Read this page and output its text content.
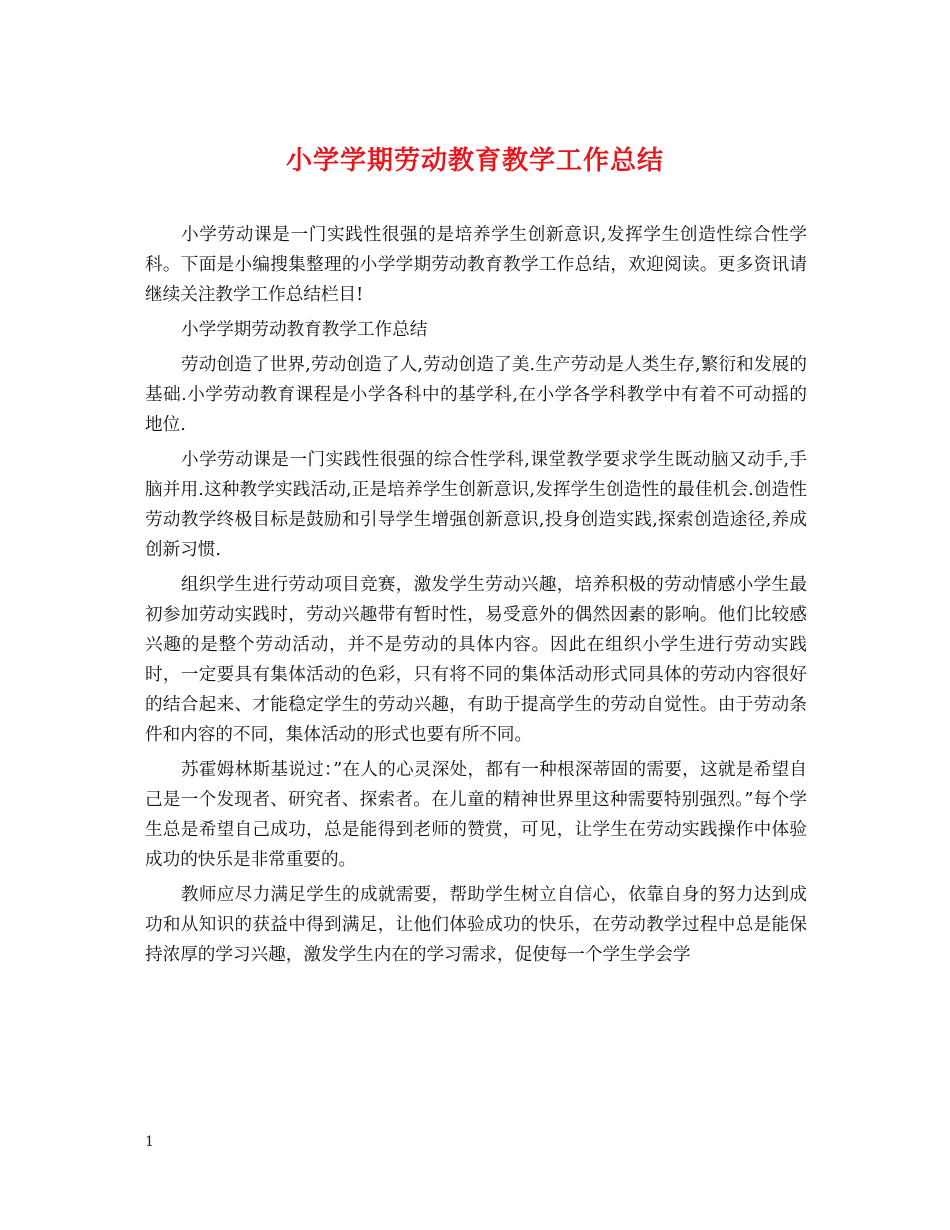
小学学期劳动教育教学工作总结

小学劳动课是一门实践性很强的是培养学生创新意识,发挥学生创造性综合性学科。下面是小编搜集整理的小学学期劳动教育教学工作总结，欢迎阅读。更多资讯请继续关注教学工作总结栏目!

小学学期劳动教育教学工作总结

劳动创造了世界,劳动创造了人,劳动创造了美.生产劳动是人类生存,繁衍和发展的基础.小学劳动教育课程是小学各科中的基学科,在小学各学科教学中有着不可动摇的地位.

小学劳动课是一门实践性很强的综合性学科,课堂教学要求学生既动脑又动手,手脑并用.这种教学实践活动,正是培养学生创新意识,发挥学生创造性的最佳机会.创造性劳动教学终极目标是鼓励和引导学生增强创新意识,投身创造实践,探索创造途径,养成创新习惯.

组织学生进行劳动项目竞赛，激发学生劳动兴趣，培养积极的劳动情感小学生最初参加劳动实践时，劳动兴趣带有暂时性，易受意外的偶然因素的影响。他们比较感兴趣的是整个劳动活动，并不是劳动的具体内容。因此在组织小学生进行劳动实践时，一定要具有集体活动的色彩，只有将不同的集体活动形式同具体的劳动内容很好的结合起来、才能稳定学生的劳动兴趣，有助于提高学生的劳动自觉性。由于劳动条件和内容的不同，集体活动的形式也要有所不同。

苏霍姆林斯基说过：”在人的心灵深处，都有一种根深蒂固的需要，这就是希望自己是一个发现者、研究者、探索者。在儿童的精神世界里这种需要特别强烈。”每个学生总是希望自己成功，总是能得到老师的赞赏，可见，让学生在劳动实践操作中体验成功的快乐是非常重要的。

教师应尽力满足学生的成就需要，帮助学生树立自信心，依靠自身的努力达到成功和从知识的获益中得到满足，让他们体验成功的快乐，在劳动教学过程中总是能保持浓厚的学习兴趣，激发学生内在的学习需求，促使每一个学生学会学

1
